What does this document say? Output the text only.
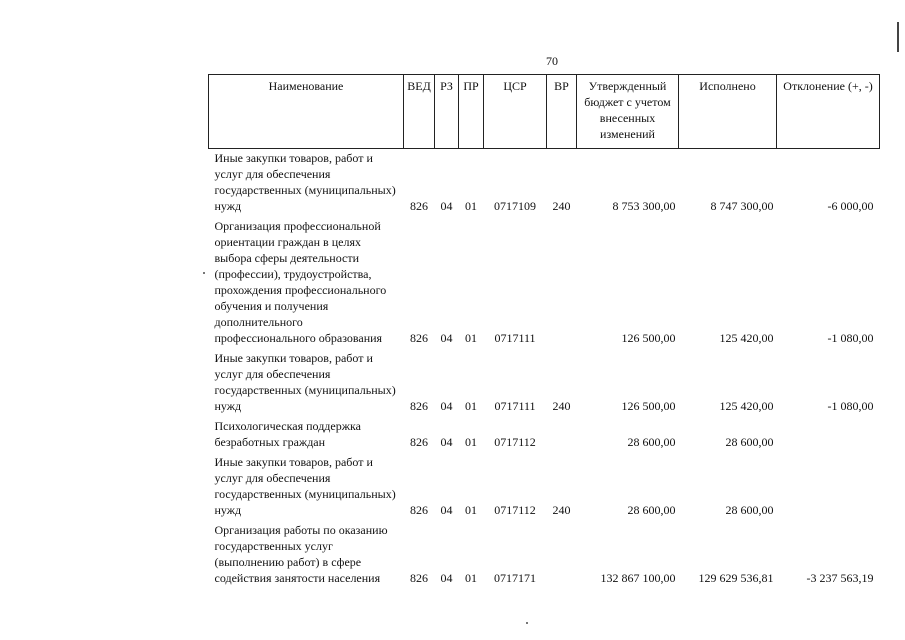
70
Наименование	ВЕД	РЗ	ПР	ЦСР	ВР	Утвержденный бюджет с учетом внесенных изменений	Исполнено	Отклонение (+, -)
Иные закупки товаров, работ и услуг для обеспечения государственных (муниципальных) нужд	826	04	01	0717109	240	8 753 300,00	8 747 300,00	-6 000,00
Организация профессиональной ориентации граждан в целях выбора сферы деятельности (профессии), трудоустройства, прохождения профессионального обучения и получения дополнительного профессионального образования	826	04	01	0717111		126 500,00	125 420,00	-1 080,00
Иные закупки товаров, работ и услуг для обеспечения государственных (муниципальных) нужд	826	04	01	0717111	240	126 500,00	125 420,00	-1 080,00
Психологическая поддержка безработных граждан	826	04	01	0717112		28 600,00	28 600,00	
Иные закупки товаров, работ и услуг для обеспечения государственных (муниципальных) нужд	826	04	01	0717112	240	28 600,00	28 600,00	
Организация работы по оказанию государственных услуг (выполнению работ) в сфере содействия занятости населения	826	04	01	0717171		132 867 100,00	129 629 536,81	-3 237 563,19
